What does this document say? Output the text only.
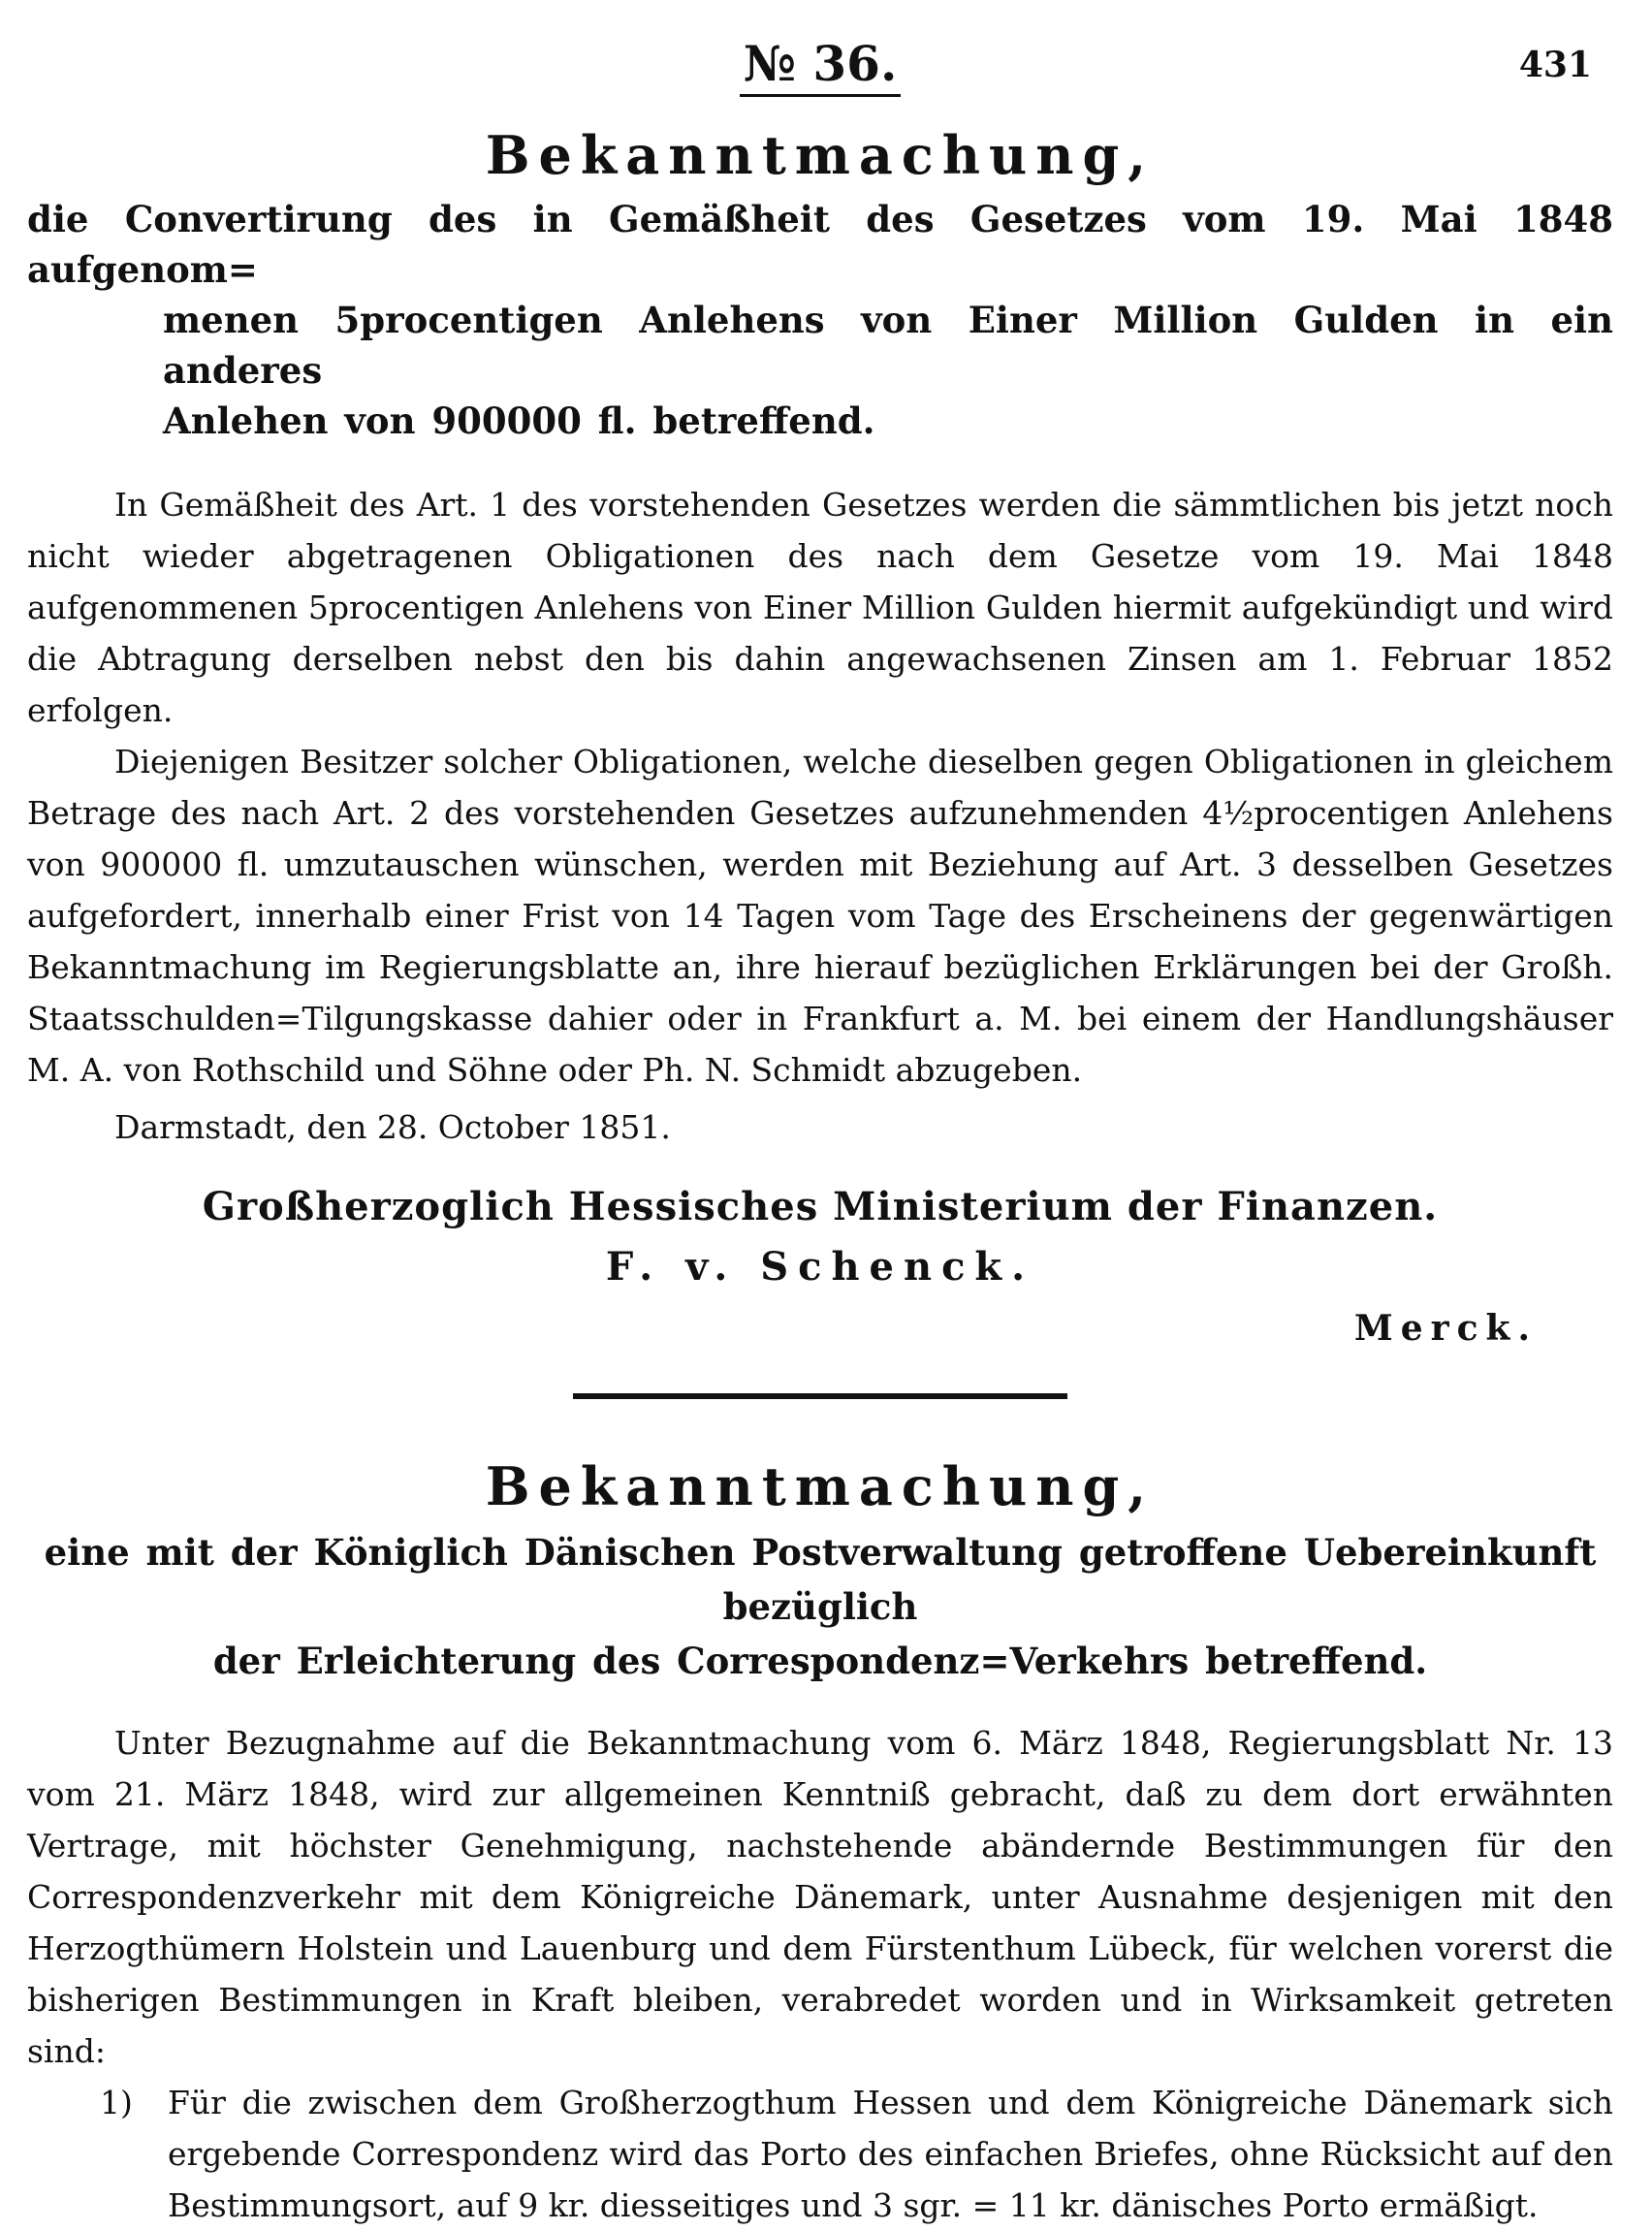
№ 36.	431
Bekanntmachung,
die Convertirung des in Gemäßheit des Gesetzes vom 19. Mai 1848 aufgenom=
menen 5procentigen Anlehens von Einer Million Gulden in ein anderes
Anlehen von 900000 fl. betreffend.

In Gemäßheit des Art. 1 des vorstehenden Gesetzes werden die sämmtlichen bis jetzt noch nicht wieder abgetragenen Obligationen des nach dem Gesetze vom 19. Mai 1848 aufgenommenen 5procentigen Anlehens von Einer Million Gulden hiermit aufgekündigt und wird die Abtragung derselben nebst den bis dahin angewachsenen Zinsen am 1. Februar 1852 erfolgen.

Diejenigen Besitzer solcher Obligationen, welche dieselben gegen Obligationen in gleichem Betrage des nach Art. 2 des vorstehenden Gesetzes aufzunehmenden 4½procentigen Anlehens von 900000 fl. umzutauschen wünschen, werden mit Beziehung auf Art. 3 desselben Gesetzes aufgefordert, innerhalb einer Frist von 14 Tagen vom Tage des Erscheinens der gegenwärtigen Bekanntmachung im Regierungsblatte an, ihre hierauf bezüglichen Erklärungen bei der Großh. Staatsschulden=Tilgungskasse dahier oder in Frankfurt a. M. bei einem der Handlungshäuser M. A. von Rothschild und Söhne oder Ph. N. Schmidt abzugeben.

Darmstadt, den 28. October 1851.
Großherzoglich Hessisches Ministerium der Finanzen.
F. v. Schenck.
Merck.
Bekanntmachung,
eine mit der Königlich Dänischen Postverwaltung getroffene Uebereinkunft bezüglich
der Erleichterung des Correspondenz=Verkehrs betreffend.

Unter Bezugnahme auf die Bekanntmachung vom 6. März 1848, Regierungsblatt Nr. 13 vom 21. März 1848, wird zur allgemeinen Kenntniß gebracht, daß zu dem dort erwähnten Vertrage, mit höchster Genehmigung, nachstehende abändernde Bestimmungen für den Correspondenzverkehr mit dem Königreiche Dänemark, unter Ausnahme desjenigen mit den Herzogthümern Holstein und Lauenburg und dem Fürstenthum Lübeck, für welchen vorerst die bisherigen Bestimmungen in Kraft bleiben, verabredet worden und in Wirksamkeit getreten sind:

1)	Für die zwischen dem Großherzogthum Hessen und dem Königreiche Dänemark sich ergebende Correspondenz wird das Porto des einfachen Briefes, ohne Rücksicht auf den Bestimmungsort, auf 9 kr. diesseitiges und 3 sgr. = 11 kr. dänisches Porto ermäßigt.
